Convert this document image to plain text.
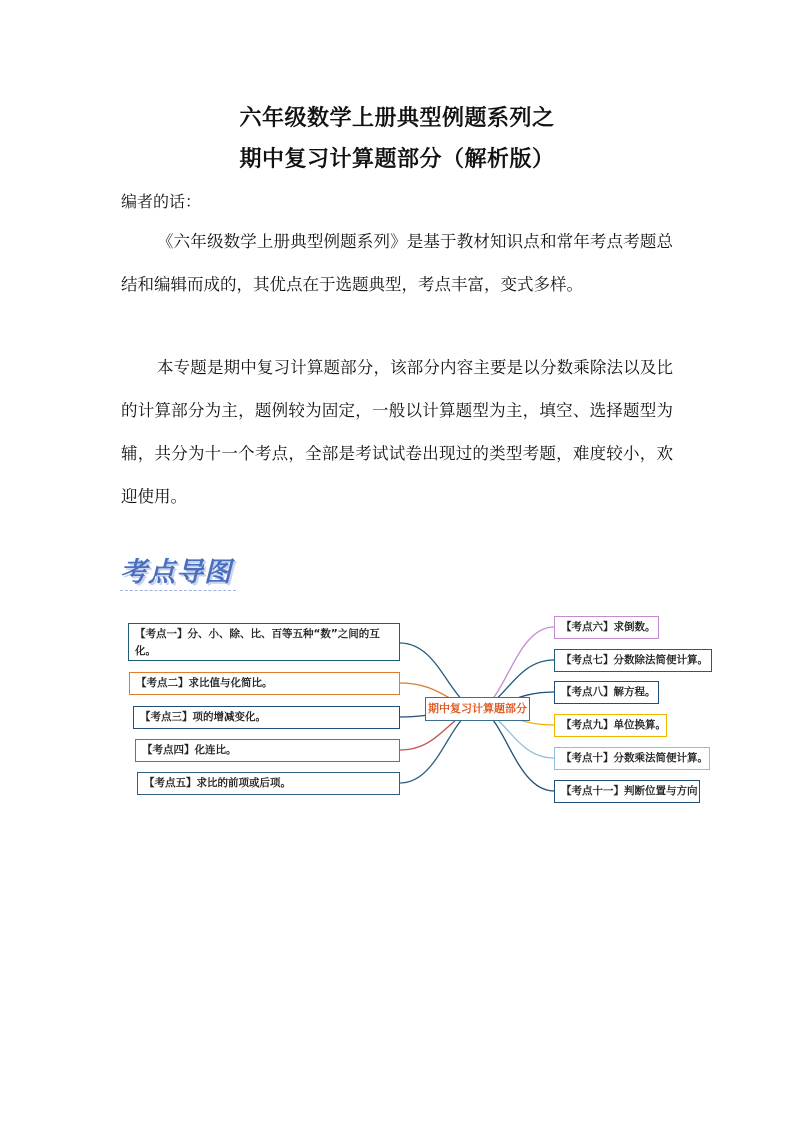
六年级数学上册典型例题系列之
期中复习计算题部分（解析版）
编者的话：

《六年级数学上册典型例题系列》是基于教材知识点和常年考点考题总结和编辑而成的，其优点在于选题典型，考点丰富，变式多样。

本专题是期中复习计算题部分，该部分内容主要是以分数乘除法以及比的计算部分为主，题例较为固定，一般以计算题型为主，填空、选择题型为辅，共分为十一个考点，全部是考试试卷出现过的类型考题，难度较小，欢迎使用。

考点导图
期中复习计算题部分
【考点一】分、小、除、比、百等五种“数”之间的互化。
【考点二】求比值与化简比。
【考点三】项的增减变化。
【考点四】化连比。
【考点五】求比的前项或后项。
【考点六】求倒数。
【考点七】分数除法简便计算。
【考点八】解方程。
【考点九】单位换算。
【考点十】分数乘法简便计算。
【考点十一】判断位置与方向
